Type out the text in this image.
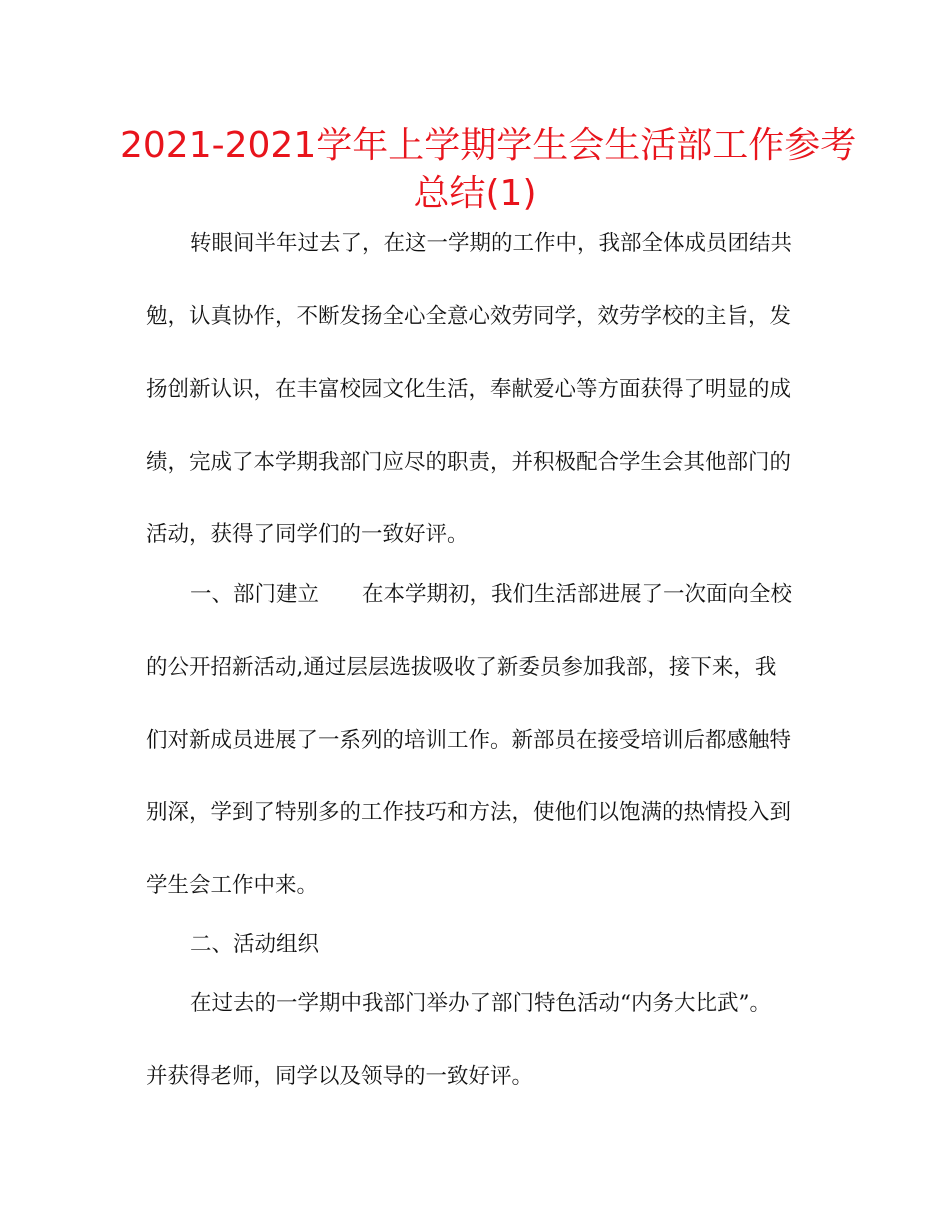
2021-2021学年上学期学生会生活部工作参考
总结(1)

转眼间半年过去了，在这一学期的工作中，我部全体成员团结共

勉，认真协作，不断发扬全心全意心效劳同学，效劳学校的主旨，发

扬创新认识，在丰富校园文化生活，奉献爱心等方面获得了明显的成

绩，完成了本学期我部门应尽的职责，并积极配合学生会其他部门的

活动，获得了同学们的一致好评。

一、部门建立　　在本学期初，我们生活部进展了一次面向全校

的公开招新活动,通过层层选拔吸收了新委员参加我部，接下来，我

们对新成员进展了一系列的培训工作。新部员在接受培训后都感触特

别深，学到了特别多的工作技巧和方法，使他们以饱满的热情投入到

学生会工作中来。

二、活动组织

在过去的一学期中我部门举办了部门特色活动“内务大比武”。

并获得老师，同学以及领导的一致好评。
